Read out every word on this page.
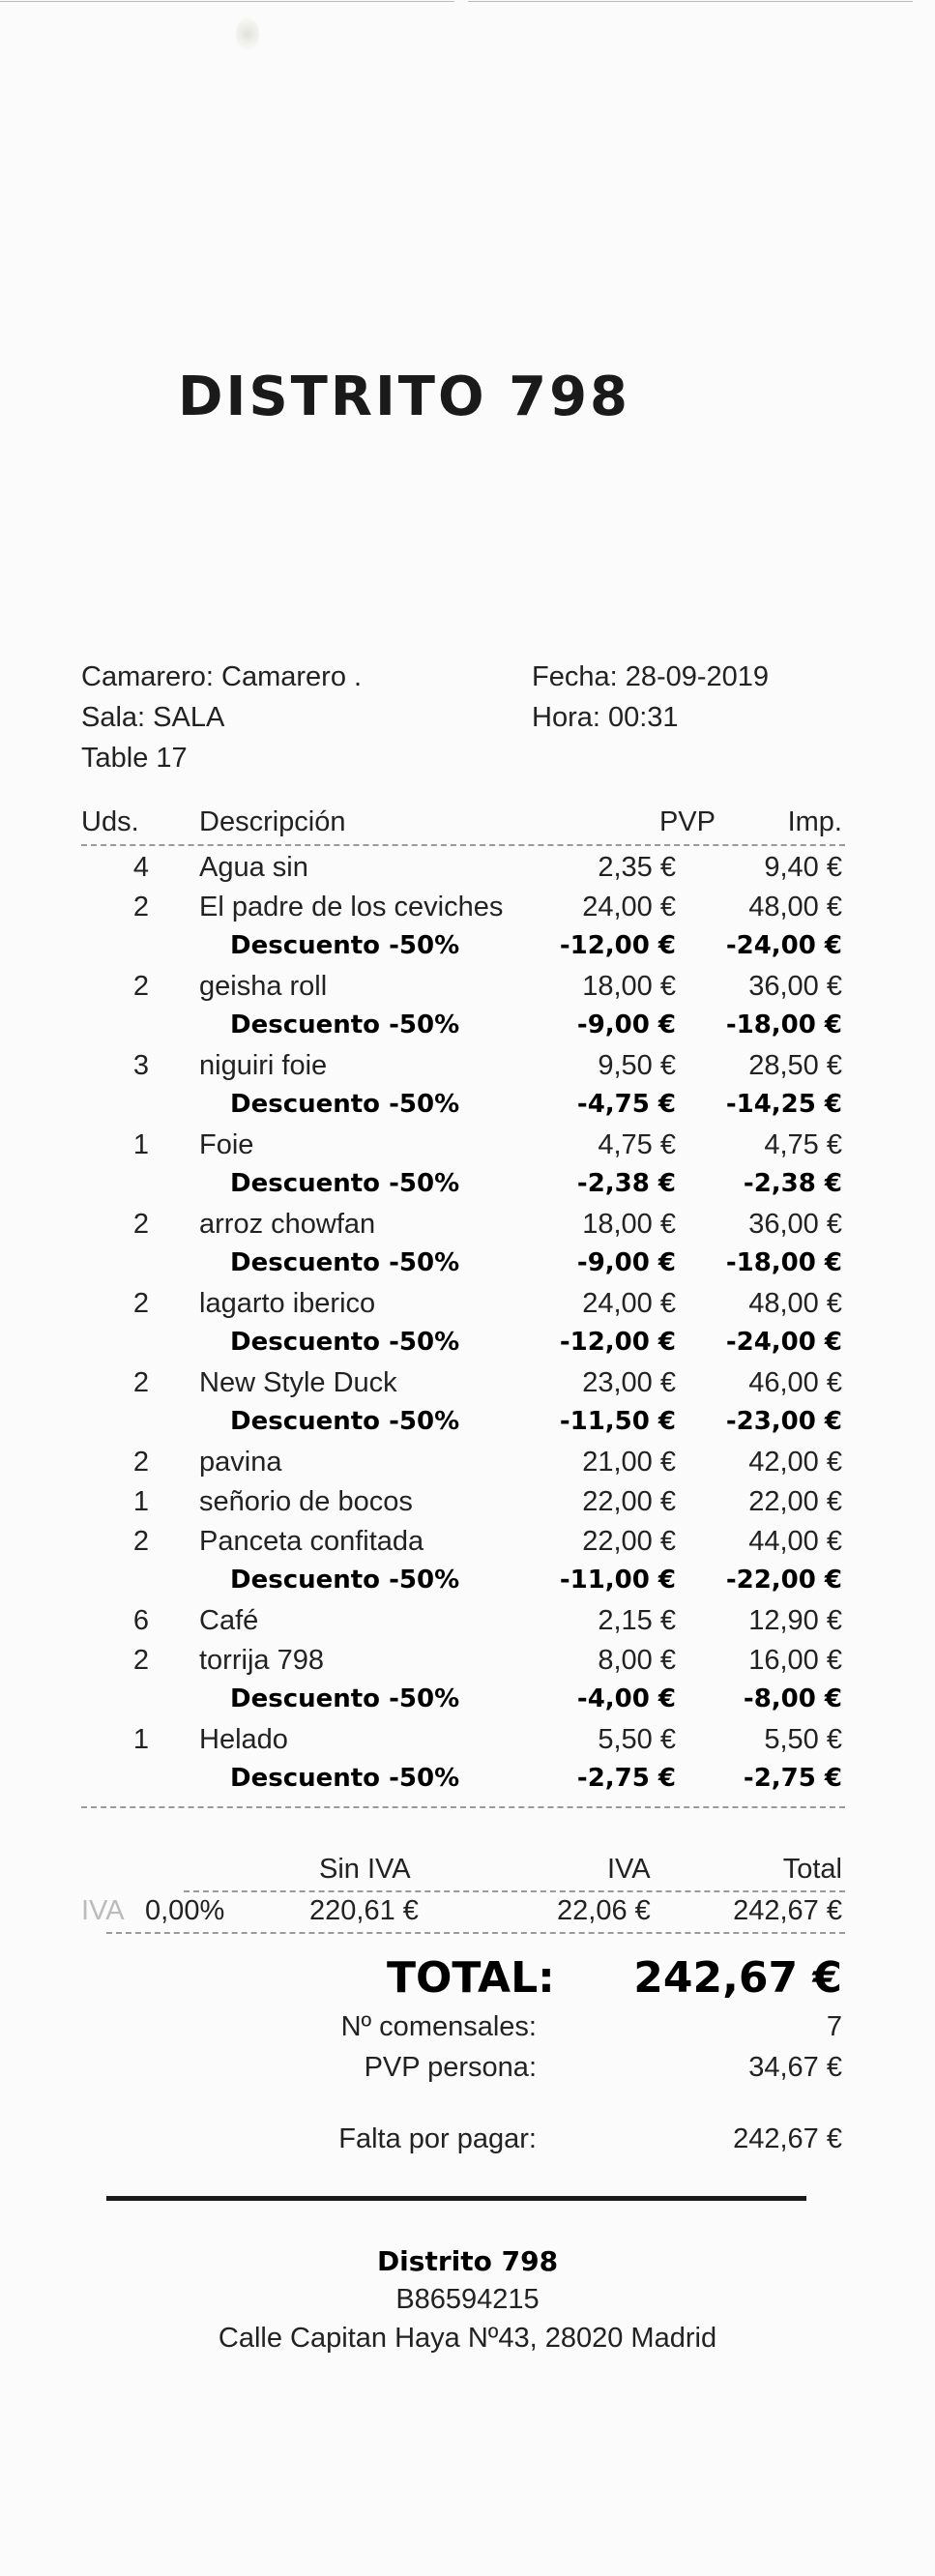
DISTRITO 798
Camarero: Camarero .	Fecha: 28-09-2019
Sala: SALA	Hora: 00:31
Table 17
Uds. Descripción	PVP	Imp.
4	Agua sin	2,35 €	9,40 €
2	El padre de los ceviches	24,00 €	48,00 €
Descuento -50%	-12,00 € -24,00 €
2	geisha roll	18,00 €	36,00 €
Descuento -50%	-9,00 € -18,00 €
3	niguiri foie	9,50 €	28,50 €
Descuento -50%	-4,75 € -14,25 €
1	Foie	4,75 €	4,75 €
Descuento -50%	-2,38 €	-2,38 €
2	arroz chowfan	18,00 €	36,00 €
Descuento -50%	-9,00 € -18,00 €
2	lagarto iberico	24,00 €	48,00 €
Descuento -50%	-12,00 € -24,00 €
2	New Style Duck	23,00 €	46,00 €
Descuento -50%	-11,50 € -23,00 €
2	pavina	21,00 €	42,00 €
1	señorio de bocos	22,00 €	22,00 €
2	Panceta confitada	22,00 €	44,00 €
Descuento -50%	-11,00 € -22,00 €
6	Café	2,15 €	12,90 €
2	torrija 798	8,00 €	16,00 €
Descuento -50%	-4,00 €	-8,00 €
1	Helado	5,50 €	5,50 €
Descuento -50%	-2,75 €	-2,75 €
Sin IVA	IVA	Total
IVA 0,00%	220,61 €	22,06 €	242,67 €
TOTAL: 242,67 €
Nº comensales:	7
PVP persona:	34,67 €
Falta por pagar:	242,67 €
Distrito 798
B86594215
Calle Capitan Haya Nº43, 28020 Madrid
